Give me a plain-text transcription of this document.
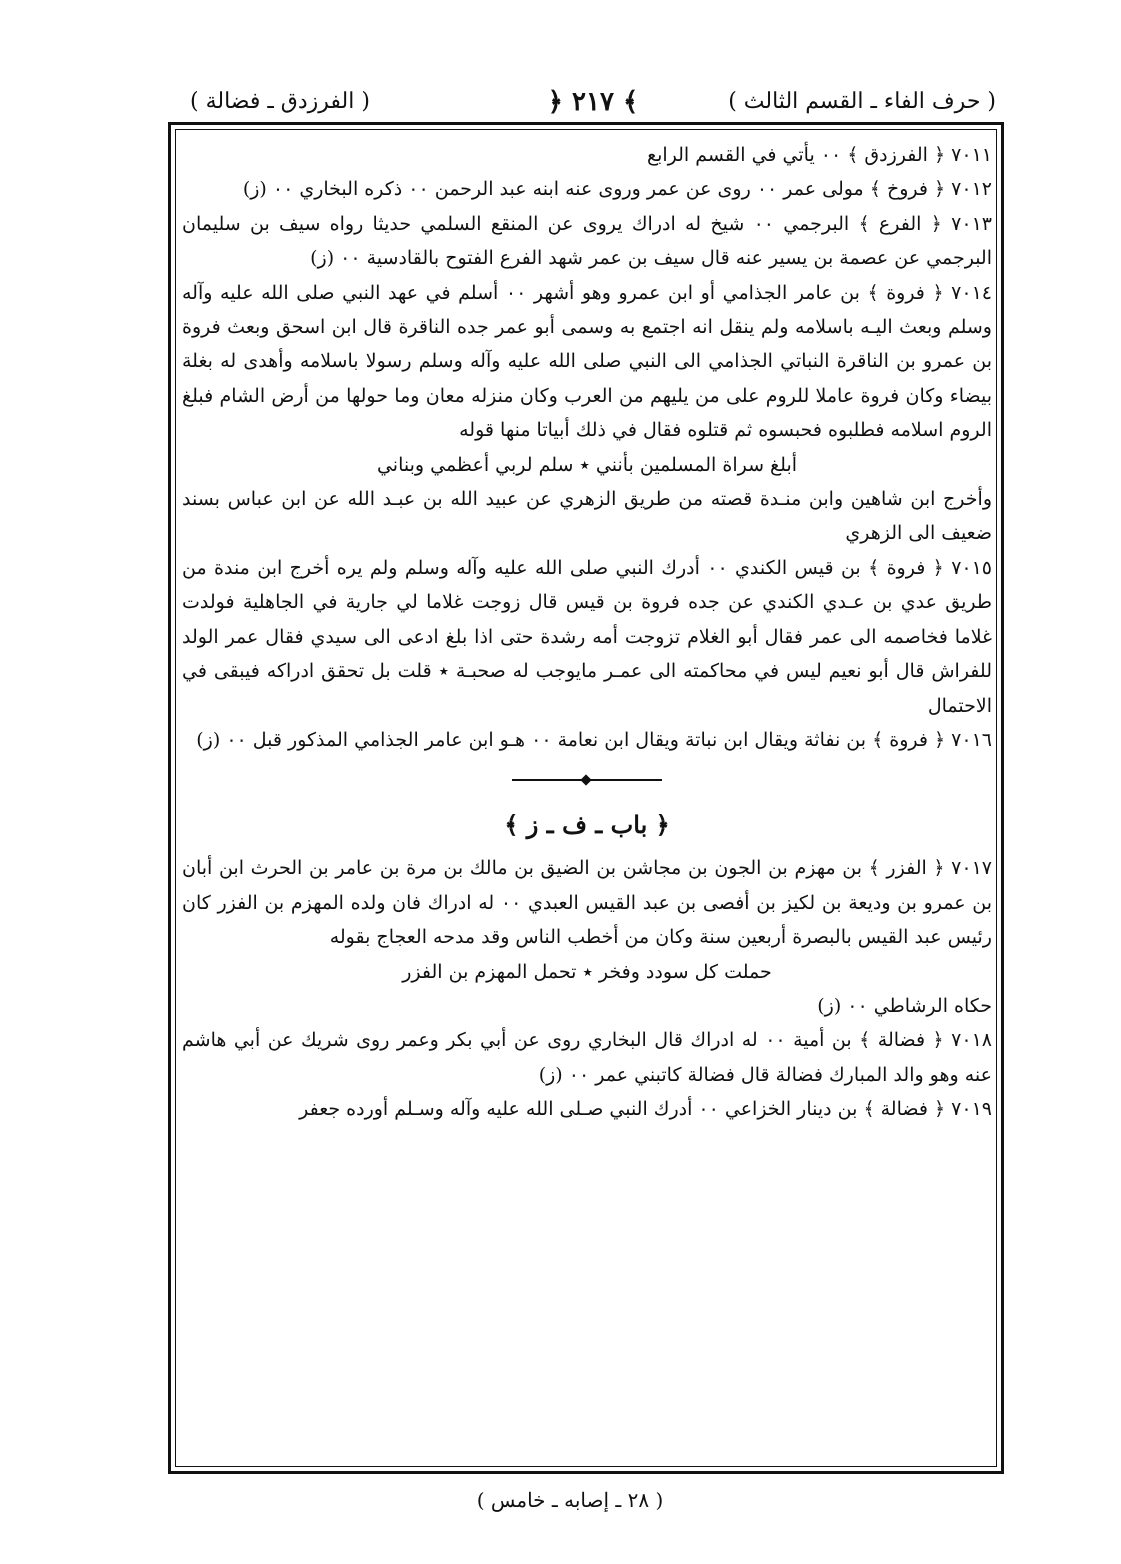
( حرف الفاء ـ القسم الثالث )
﴾ ٢١٧ ﴿
( الفرزدق ـ فضالة )

٧٠١١ ﴿ الفرزدق ﴾ ٠٠ يأتي في القسم الرابع

٧٠١٢ ﴿ فروخ ﴾ مولى عمر ٠٠ روى عن عمر وروى عنه ابنه عبد الرحمن ٠٠ ذكره البخاري ٠٠ (ز)

٧٠١٣ ﴿ الفرع ﴾ البرجمي ٠٠ شيخ له ادراك يروى عن المنقع السلمي حديثا رواه سيف بن سليمان البرجمي عن عصمة بن يسير عنه قال سيف بن عمر شهد الفرع الفتوح بالقادسية ٠٠ (ز)

٧٠١٤ ﴿ فروة ﴾ بن عامر الجذامي أو ابن عمرو وهو أشهر ٠٠ أسلم في عهد النبي صلى الله عليه وآله وسلم وبعث اليـه باسلامه ولم ينقل انه اجتمع به وسمى أبو عمر جده الناقرة قال ابن اسحق وبعث فروة بن عمرو بن الناقرة النباتي الجذامي الى النبي صلى الله عليه وآله وسلم رسولا باسلامه وأهدى له بغلة بيضاء وكان فروة عاملا للروم على من يليهم من العرب وكان منزله معان وما حولها من أرض الشام فبلغ الروم اسلامه فطلبوه فحبسوه ثم قتلوه فقال في ذلك أبياتا منها قوله

أبلغ سراة المسلمين بأنني ٭ سلم لربي أعظمي وبناني

وأخرج ابن شاهين وابن منـدة قصته من طريق الزهري عن عبيد الله بن عبـد الله عن ابن عباس بسند ضعيف الى الزهري

٧٠١٥ ﴿ فروة ﴾ بن قيس الكندي ٠٠ أدرك النبي صلى الله عليه وآله وسلم ولم يره أخرج ابن مندة من طريق عدي بن عـدي الكندي عن جده فروة بن قيس قال زوجت غلاما لي جارية في الجاهلية فولدت غلاما فخاصمه الى عمر فقال أبو الغلام تزوجت أمه رشدة حتى اذا بلغ ادعى الى سيدي فقال عمر الولد للفراش قال أبو نعيم ليس في محاكمته الى عمـر مايوجب له صحبـة ٭ قلت بل تحقق ادراكه فيبقى في الاحتمال

٧٠١٦ ﴿ فروة ﴾ بن نفاثة ويقال ابن نباتة ويقال ابن نعامة ٠٠ هـو ابن عامر الجذامي المذكور قبل ٠٠ (ز)

﴿ باب ـ ف ـ ز ﴾

٧٠١٧ ﴿ الفزر ﴾ بن مهزم بن الجون بن مجاشن بن الضيق بن مالك بن مرة بن عامر بن الحرث ابن أبان بن عمرو بن وديعة بن لكيز بن أفصى بن عبد القيس العبدي ٠٠ له ادراك فان ولده المهزم بن الفزر كان رئيس عبد القيس بالبصرة أربعين سنة وكان من أخطب الناس وقد مدحه العجاج بقوله

حملت كل سودد وفخر ٭ تحمل المهزم بن الفزر

حكاه الرشاطي ٠٠ (ز)

٧٠١٨ ﴿ فضالة ﴾ بن أمية ٠٠ له ادراك قال البخاري روى عن أبي بكر وعمر روى شريك عن أبي هاشم عنه وهو والد المبارك فضالة قال فضالة كاتبني عمر ٠٠ (ز)

٧٠١٩ ﴿ فضالة ﴾ بن دينار الخزاعي ٠٠ أدرك النبي صـلى الله عليه وآله وسـلم أورده جعفر

( ٢٨ ـ إصابه ـ خامس )
